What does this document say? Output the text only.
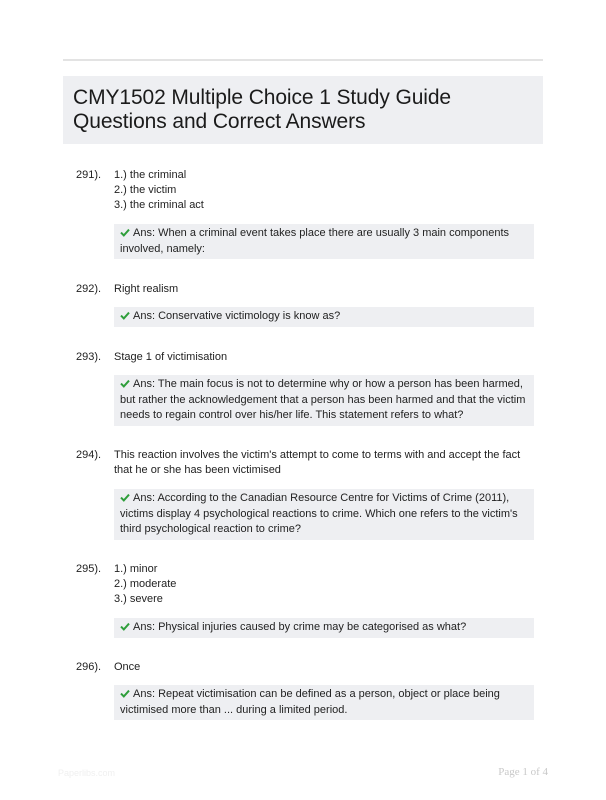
CMY1502 Multiple Choice 1 Study Guide
Questions and Correct Answers
291). 1.) the criminal
2.) the victim
3.) the criminal act
Ans: When a criminal event takes place there are usually 3 main components involved, namely:
292). Right realism
Ans: Conservative victimology is know as?
293). Stage 1 of victimisation
Ans: The main focus is not to determine why or how a person has been harmed, but rather the acknowledgement that a person has been harmed and that the victim needs to regain control over his/her life. This statement refers to what?
294). This reaction involves the victim's attempt to come to terms with and accept the fact that he or she has been victimised
Ans: According to the Canadian Resource Centre for Victims of Crime (2011), victims display 4 psychological reactions to crime. Which one refers to the victim's third psychological reaction to crime?
295). 1.) minor
2.) moderate
3.) severe
Ans: Physical injuries caused by crime may be categorised as what?
296). Once
Ans: Repeat victimisation can be defined as a person, object or place being victimised more than ... during a limited period.
Paperlibs.com	Page 1 of 4
